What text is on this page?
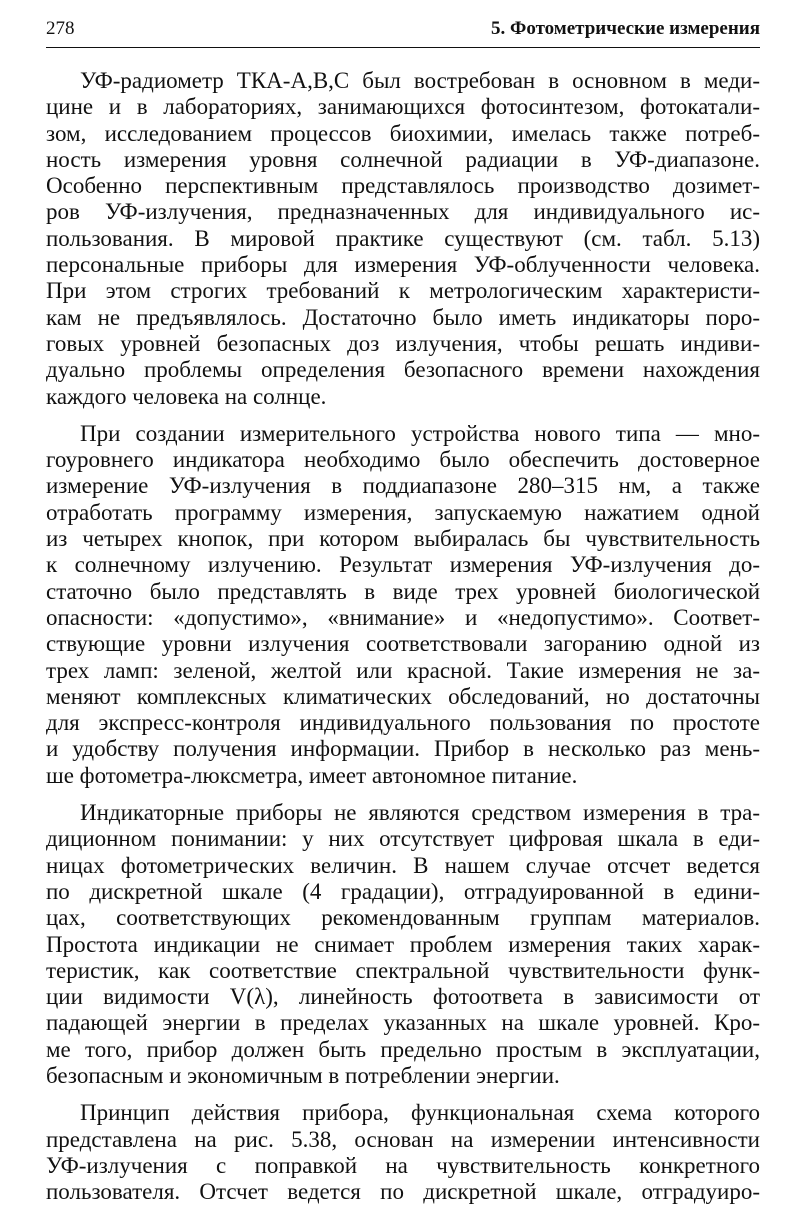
278	5. Фотометрические измерения

УФ-радиометр ТКА-А,В,С был востребован в основном в меди-
цине и в лабораториях, занимающихся фотосинтезом, фотокатали-
зом, исследованием процессов биохимии, имелась также потреб-
ность измерения уровня солнечной радиации в УФ-диапазоне.
Особенно перспективным представлялось производство дозимет-
ров УФ-излучения, предназначенных для индивидуального ис-
пользования. В мировой практике существуют (см. табл. 5.13)
персональные приборы для измерения УФ-облученности человека.
При этом строгих требований к метрологическим характеристи-
кам не предъявлялось. Достаточно было иметь индикаторы поро-
говых уровней безопасных доз излучения, чтобы решать индиви-
дуально проблемы определения безопасного времени нахождения
каждого человека на солнце.

При создании измерительного устройства нового типа — мно-
гоуровнего индикатора необходимо было обеспечить достоверное
измерение УФ-излучения в поддиапазоне 280–315 нм, а также
отработать программу измерения, запускаемую нажатием одной
из четырех кнопок, при котором выбиралась бы чувствительность
к солнечному излучению. Результат измерения УФ-излучения до-
статочно было представлять в виде трех уровней биологической
опасности: «допустимо», «внимание» и «недопустимо». Соответ-
ствующие уровни излучения соответствовали загоранию одной из
трех ламп: зеленой, желтой или красной. Такие измерения не за-
меняют комплексных климатических обследований, но достаточны
для экспресс-контроля индивидуального пользования по простоте
и удобству получения информации. Прибор в несколько раз мень-
ше фотометра-люксметра, имеет автономное питание.

Индикаторные приборы не являются средством измерения в тра-
диционном понимании: у них отсутствует цифровая шкала в еди-
ницах фотометрических величин. В нашем случае отсчет ведется
по дискретной шкале (4 градации), отградуированной в едини-
цах, соответствующих рекомендованным группам материалов.
Простота индикации не снимает проблем измерения таких харак-
теристик, как соответствие спектральной чувствительности функ-
ции видимости V(λ), линейность фотоответа в зависимости от
падающей энергии в пределах указанных на шкале уровней. Кро-
ме того, прибор должен быть предельно простым в эксплуатации,
безопасным и экономичным в потреблении энергии.

Принцип действия прибора, функциональная схема которого
представлена на рис. 5.38, основан на измерении интенсивности
УФ-излучения с поправкой на чувствительность конкретного
пользователя. Отсчет ведется по дискретной шкале, отградуиро-
